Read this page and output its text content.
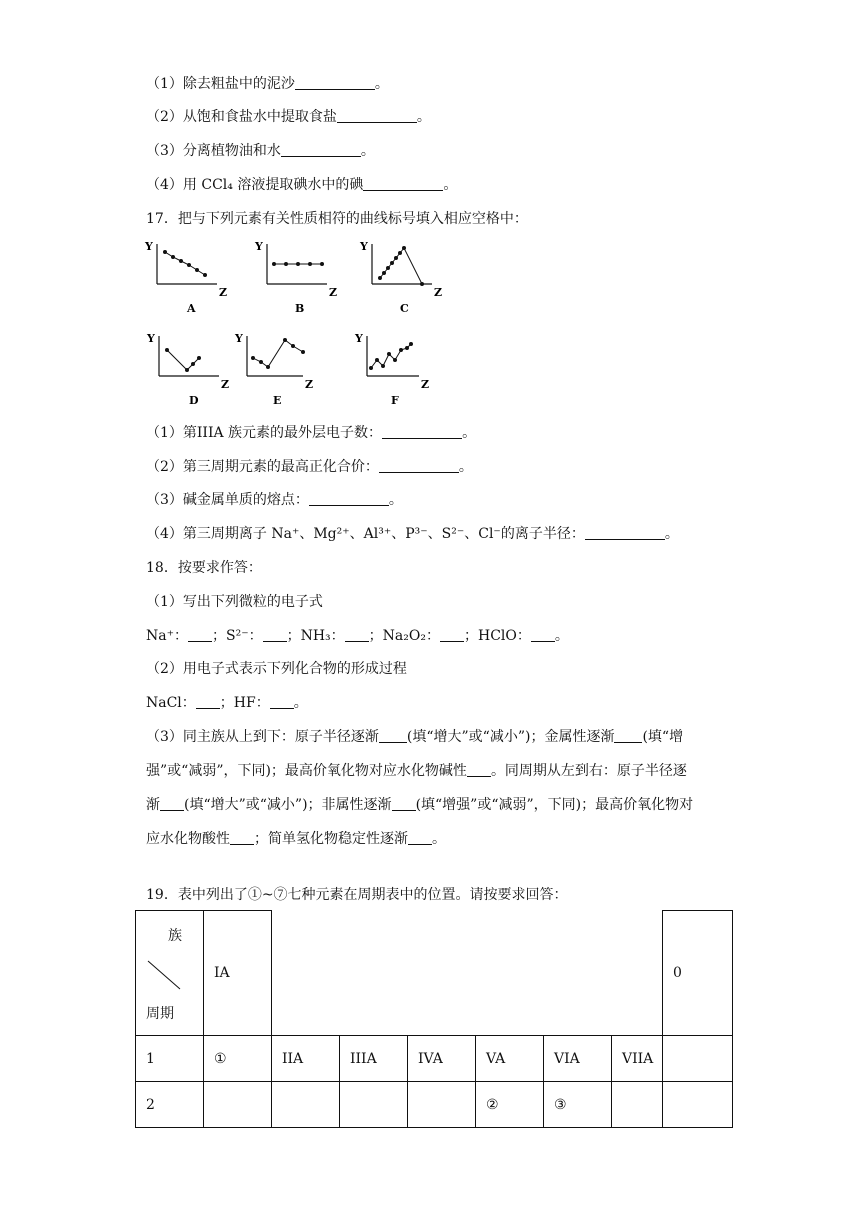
（1）除去粗盐中的泥沙	。
（2）从饱和食盐水中提取食盐	。
（3）分离植物油和水	。
（4）用 CCl₄ 溶液提取碘水中的碘	。
17．把与下列元素有关性质相符的曲线标号填入相应空格中：
Y
Z
A
Y
Z
B
Y
Z
C
Y
Z
D
Y
Z
E
Y
Z
F
（1）第IIIA 族元素的最外层电子数：	。
（2）第三周期元素的最高正化合价：	。
（3）碱金属单质的熔点：	。
（4）第三周期离子 Na⁺、Mg²⁺、Al³⁺、P³⁻、S²⁻、Cl⁻的离子半径：	。
18．按要求作答：
（1）写出下列微粒的电子式
Na⁺： ；S²⁻： ；NH₃： ；Na₂O₂： ；HClO： 。
（2）用电子式表示下列化合物的形成过程
NaCl： ；HF： 。
（3）同主族从上到下：原子半径逐渐 (填“增大”或“减小”)；金属性逐渐 (填“增
强”或“减弱”，下同)；最高价氧化物对应水化物碱性 。同周期从左到右：原子半径逐
渐 (填“增大”或“减小”)；非属性逐渐 (填“增强”或“减弱”，下同)；最高价氧化物对
应水化物酸性 ；简单氢化物稳定性逐渐 。
19．表中列出了①~⑦七种元素在周期表中的位置。请按要求回答：
族
周期	IA							0
1	①	IIA	IIIA	IVA	VA	VIA	VIIA	
2					②	③		
